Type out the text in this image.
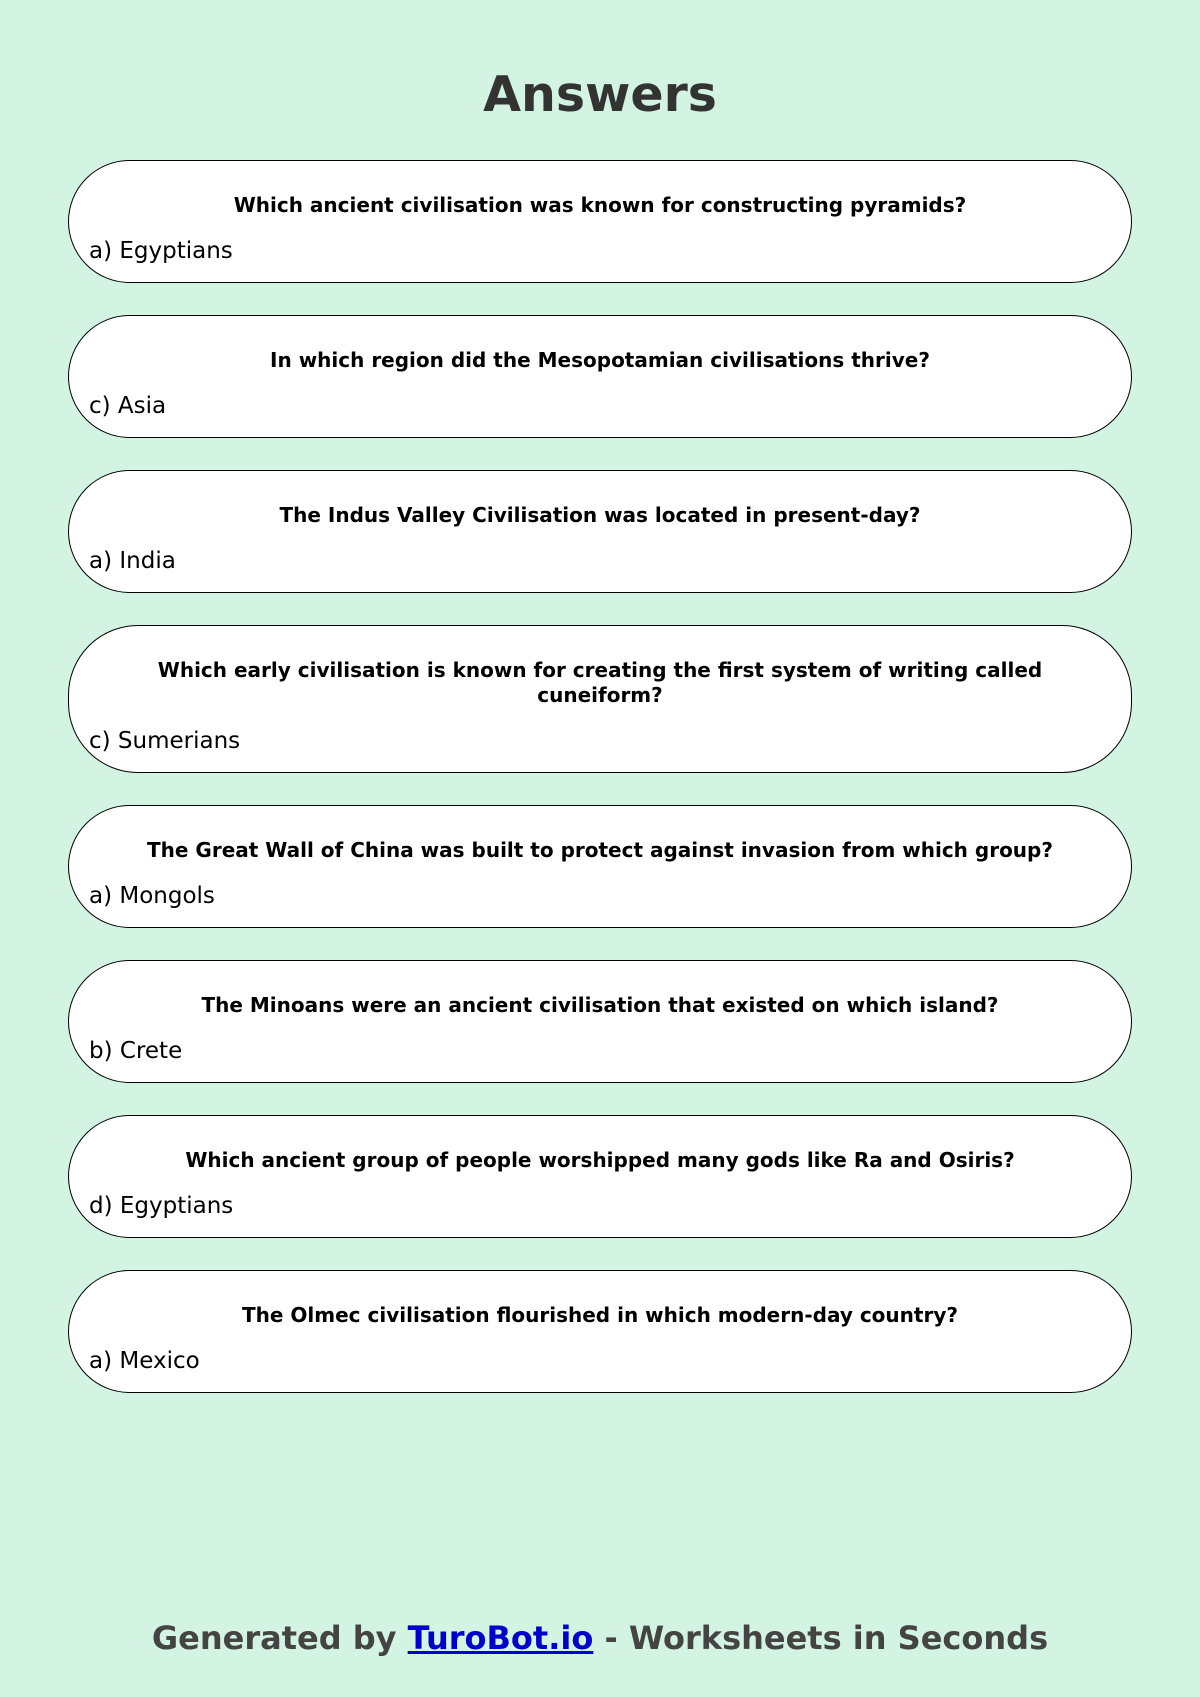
Answers
Which ancient civilisation was known for constructing pyramids?
a) Egyptians
In which region did the Mesopotamian civilisations thrive?
c) Asia
The Indus Valley Civilisation was located in present-day?
a) India
Which early civilisation is known for creating the first system of writing called cuneiform?
c) Sumerians
The Great Wall of China was built to protect against invasion from which group?
a) Mongols
The Minoans were an ancient civilisation that existed on which island?
b) Crete
Which ancient group of people worshipped many gods like Ra and Osiris?
d) Egyptians
The Olmec civilisation flourished in which modern-day country?
a) Mexico
Generated by TuroBot.io - Worksheets in Seconds
